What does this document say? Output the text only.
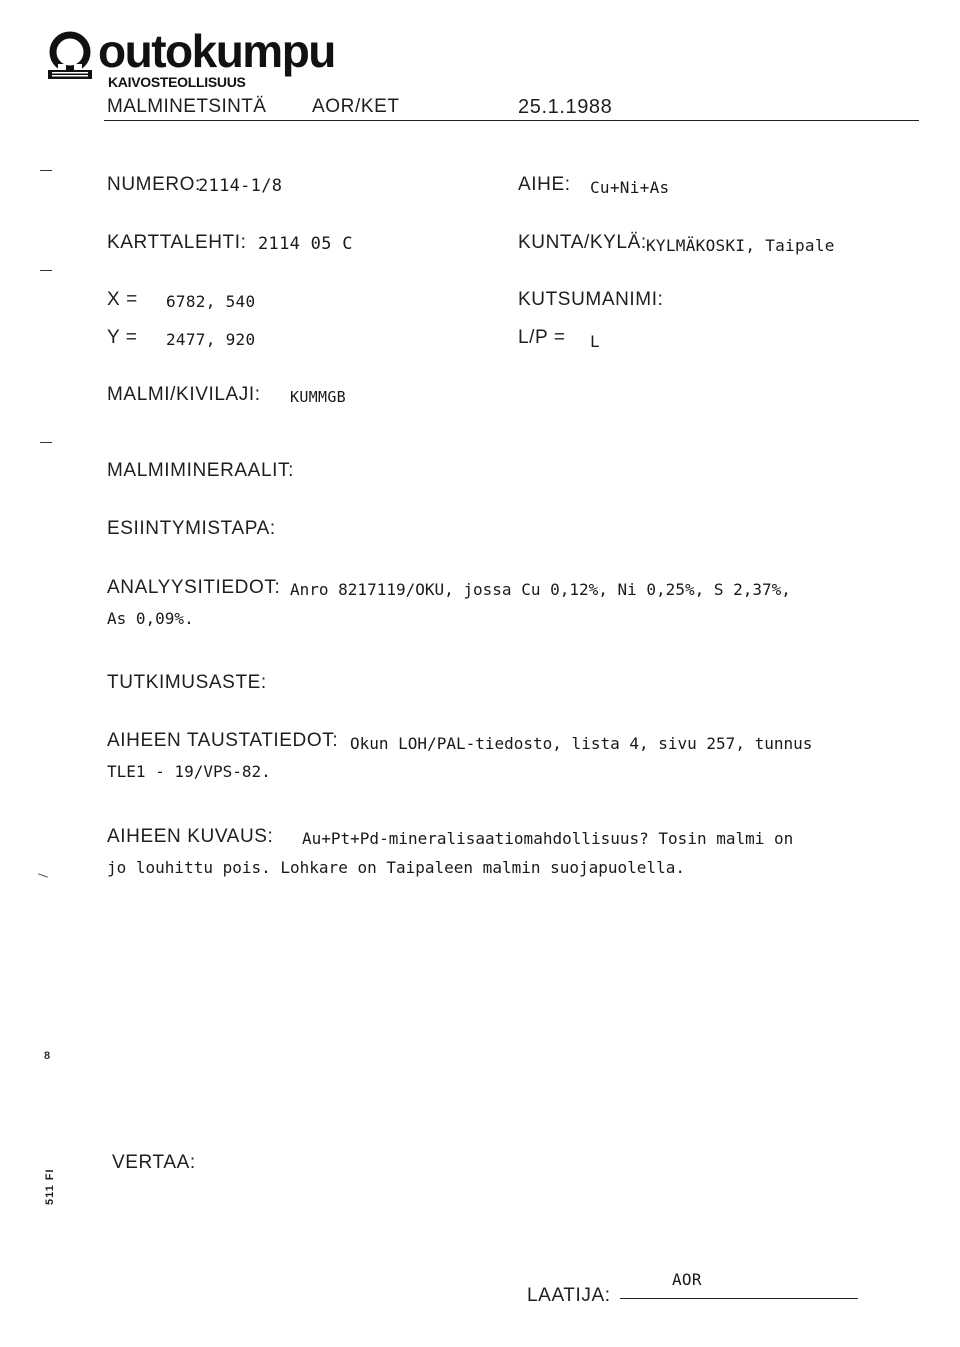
outokumpu
KAIVOSTEOLLISUUS
MALMINETSINTÄ AOR/KET	25.1.1988
NUMERO:
2114-1/8	AIHE: Cu+Ni+As
KARTTALEHTI: 2114 05 C	KUNTA/KYLÄ: KYLMÄKOSKI, Taipale
X = 6782, 540	KUTSUMANIMI:
Y = 2477, 920	L/P = L
MALMI/KIVILAJI: KUMMGB
MALMIMINERAALIT:
ESIINTYMISTAPA:
ANALYYSITIEDOT: Anro 8217119/OKU, jossa Cu 0,12%, Ni 0,25%, S 2,37%,
As 0,09%.
TUTKIMUSASTE:
AIHEEN TAUSTATIEDOT: Okun LOH/PAL-tiedosto, lista 4, sivu 257, tunnus
TLE1 - 19/VPS-82.
AIHEEN KUVAUS: Au+Pt+Pd-mineralisaatiomahdollisuus? Tosin malmi on
jo louhittu pois. Lohkare on Taipaleen malmin suojapuolella.
VERTAA:
AOR
LAATIJA:
8
511 FI
